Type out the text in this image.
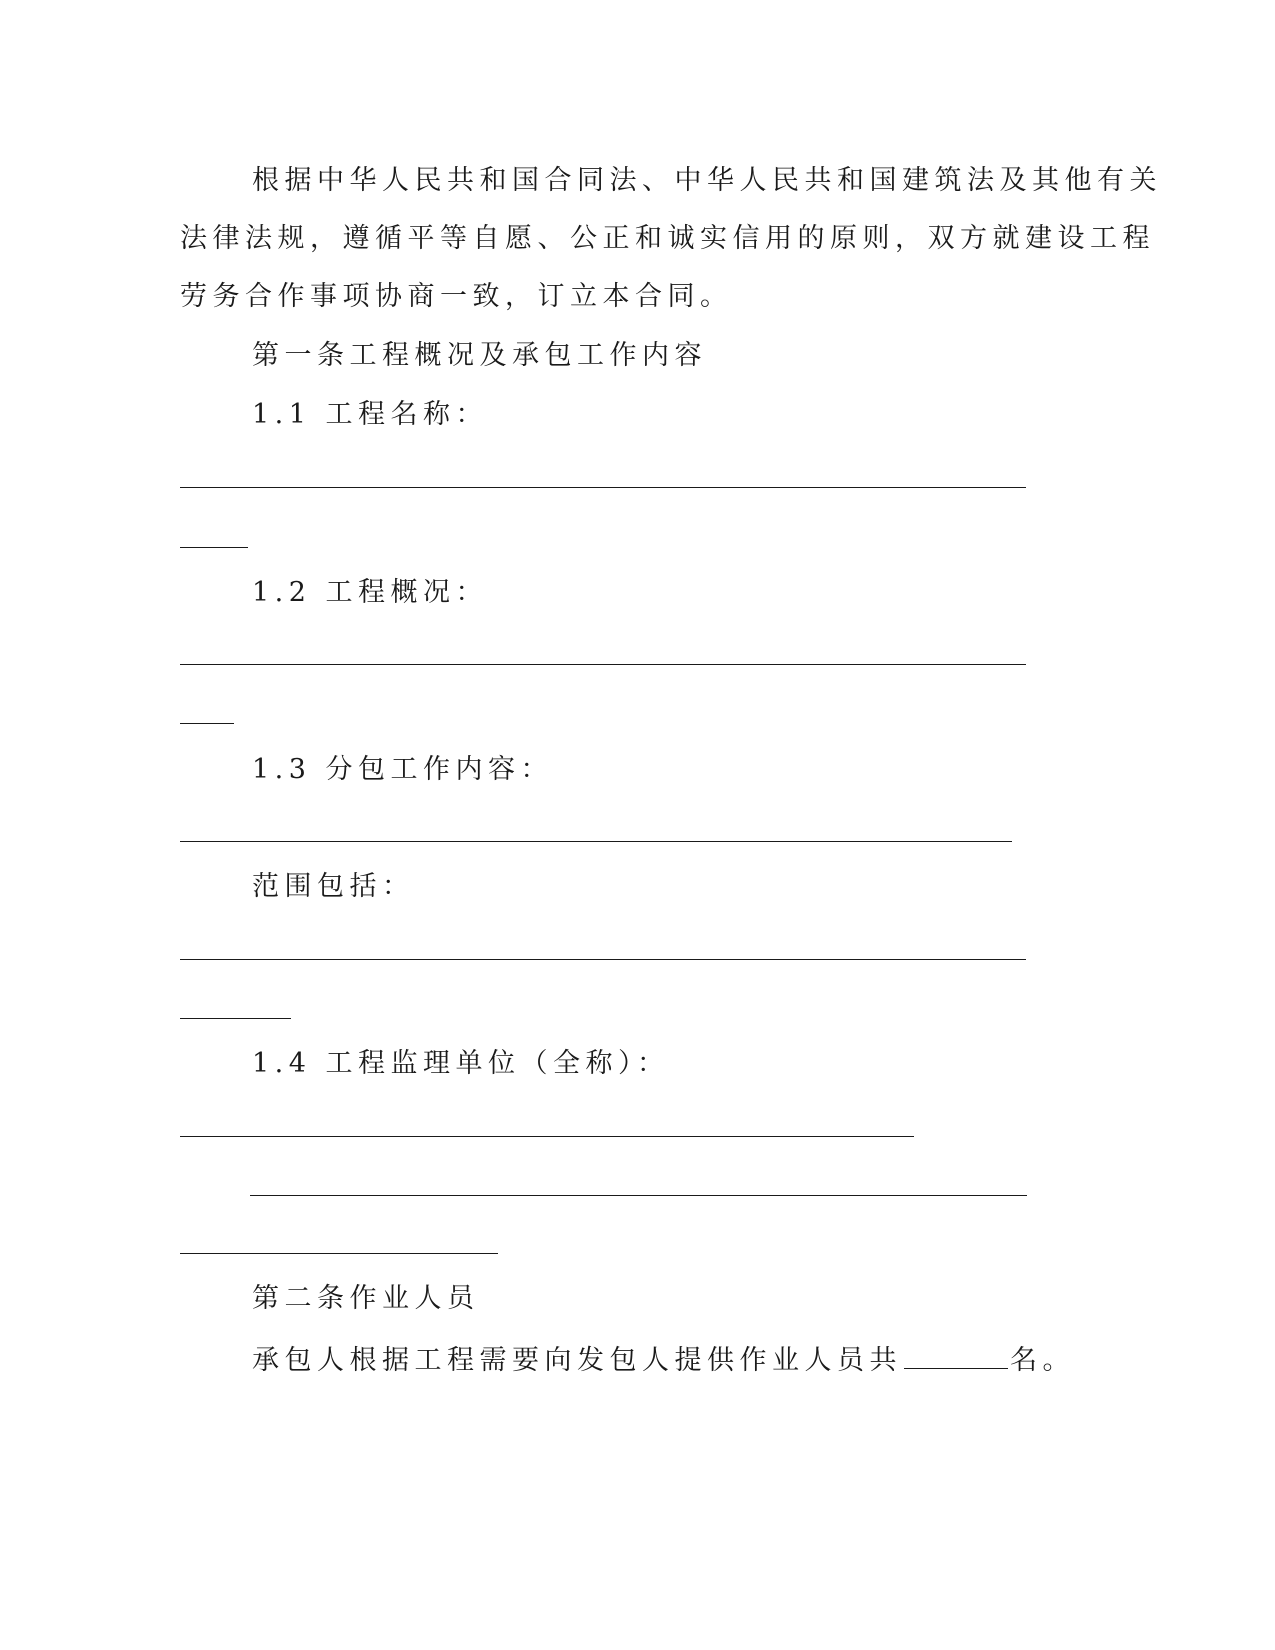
根据中华人民共和国合同法、中华人民共和国建筑法及其他有关
法律法规，遵循平等自愿、公正和诚实信用的原则，双方就建设工程
劳务合作事项协商一致，订立本合同。
第一条工程概况及承包工作内容
1.1 工程名称：
1.2 工程概况：
1.3 分包工作内容：
范围包括：
1.4 工程监理单位（全称）：
第二条作业人员
承包人根据工程需要向发包人提供作业人员共	名。
